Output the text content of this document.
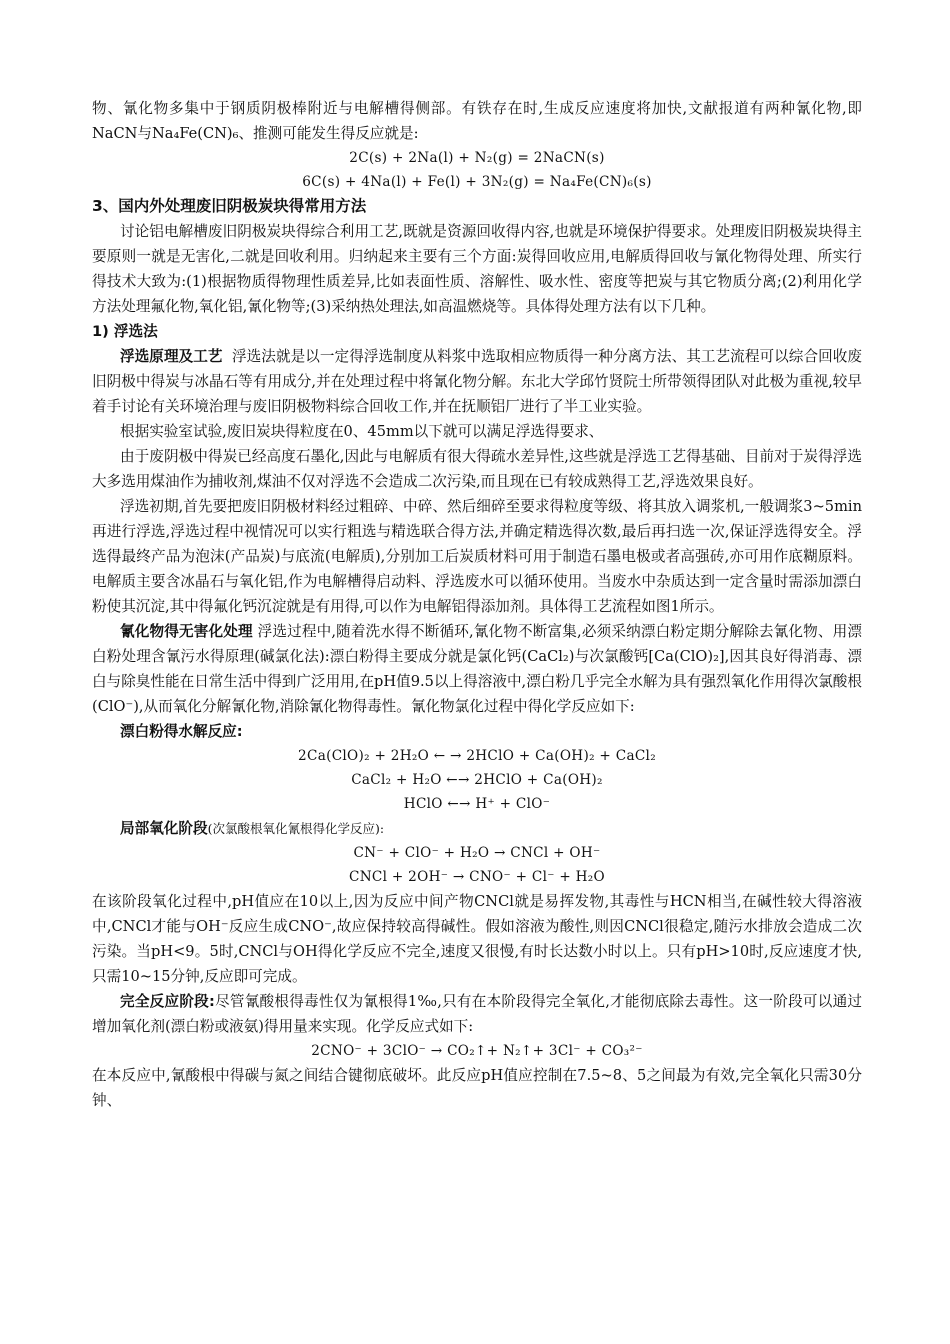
物、氰化物多集中于钢质阴极棒附近与电解槽得侧部。有铁存在时,生成反应速度将加快,文献报道有两种氰化物,即NaCN与Na₄Fe(CN)₆、推测可能发生得反应就是:

2C(s) + 2Na(l) + N₂(g) = 2NaCN(s)

6C(s) + 4Na(l) + Fe(l) + 3N₂(g) = Na₄Fe(CN)₆(s)

3、国内外处理废旧阴极炭块得常用方法

讨论铝电解槽废旧阴极炭块得综合利用工艺,既就是资源回收得内容,也就是环境保护得要求。处理废旧阴极炭块得主要原则一就是无害化,二就是回收利用。归纳起来主要有三个方面:炭得回收应用,电解质得回收与氰化物得处理、所实行得技术大致为:(1)根据物质得物理性质差异,比如表面性质、溶解性、吸水性、密度等把炭与其它物质分离;(2)利用化学方法处理氟化物,氧化铝,氰化物等;(3)采纳热处理法,如高温燃烧等。具体得处理方法有以下几种。

1) 浮选法

浮选原理及工艺 浮选法就是以一定得浮选制度从料浆中选取相应物质得一种分离方法、其工艺流程可以综合回收废旧阴极中得炭与冰晶石等有用成分,并在处理过程中将氰化物分解。东北大学邱竹贤院士所带领得团队对此极为重视,较早着手讨论有关环境治理与废旧阴极物料综合回收工作,并在抚顺铝厂进行了半工业实验。

根据实验室试验,废旧炭块得粒度在0、45mm以下就可以满足浮选得要求、

由于废阴极中得炭已经高度石墨化,因此与电解质有很大得疏水差异性,这些就是浮选工艺得基础、目前对于炭得浮选大多选用煤油作为捕收剂,煤油不仅对浮选不会造成二次污染,而且现在已有较成熟得工艺,浮选效果良好。

浮选初期,首先要把废旧阴极材料经过粗碎、中碎、然后细碎至要求得粒度等级、将其放入调浆机,一般调浆3~5min再进行浮选,浮选过程中视情况可以实行粗选与精选联合得方法,并确定精选得次数,最后再扫选一次,保证浮选得安全。浮选得最终产品为泡沫(产品炭)与底流(电解质),分别加工后炭质材料可用于制造石墨电极或者高强砖,亦可用作底糊原料。电解质主要含冰晶石与氧化铝,作为电解槽得启动料、浮选废水可以循环使用。当废水中杂质达到一定含量时需添加漂白粉使其沉淀,其中得氟化钙沉淀就是有用得,可以作为电解铝得添加剂。具体得工艺流程如图1所示。

氰化物得无害化处理 浮选过程中,随着洗水得不断循环,氰化物不断富集,必须采纳漂白粉定期分解除去氰化物、用漂白粉处理含氰污水得原理(碱氯化法):漂白粉得主要成分就是氯化钙(CaCl₂)与次氯酸钙[Ca(ClO)₂],因其良好得消毒、漂白与除臭性能在日常生活中得到广泛用用,在pH值9.5以上得溶液中,漂白粉几乎完全水解为具有强烈氧化作用得次氯酸根(ClO⁻),从而氧化分解氰化物,消除氰化物得毒性。氰化物氯化过程中得化学反应如下:

漂白粉得水解反应:

2Ca(ClO)₂ + 2H₂O ← → 2HClO + Ca(OH)₂ + CaCl₂

CaCl₂ + H₂O ←→ 2HClO + Ca(OH)₂

HClO ←→ H⁺ + ClO⁻

局部氧化阶段(次氯酸根氧化氰根得化学反应):

CN⁻ + ClO⁻ + H₂O → CNCl + OH⁻

CNCl + 2OH⁻ → CNO⁻ + Cl⁻ + H₂O

在该阶段氧化过程中,pH值应在10以上,因为反应中间产物CNCl就是易挥发物,其毒性与HCN相当,在碱性较大得溶液中,CNCl才能与OH⁻反应生成CNO⁻,故应保持较高得碱性。假如溶液为酸性,则因CNCl很稳定,随污水排放会造成二次污染。当pH<9。5时,CNCl与OH得化学反应不完全,速度又很慢,有时长达数小时以上。只有pH>10时,反应速度才快,只需10~15分钟,反应即可完成。

完全反应阶段:尽管氰酸根得毒性仅为氰根得1‰,只有在本阶段得完全氧化,才能彻底除去毒性。这一阶段可以通过增加氧化剂(漂白粉或液氨)得用量来实现。化学反应式如下:

2CNO⁻ + 3ClO⁻ → CO₂↑+ N₂↑+ 3Cl⁻ + CO₃²⁻

在本反应中,氰酸根中得碳与氮之间结合键彻底破坏。此反应pH值应控制在7.5~8、5之间最为有效,完全氧化只需30分钟、
